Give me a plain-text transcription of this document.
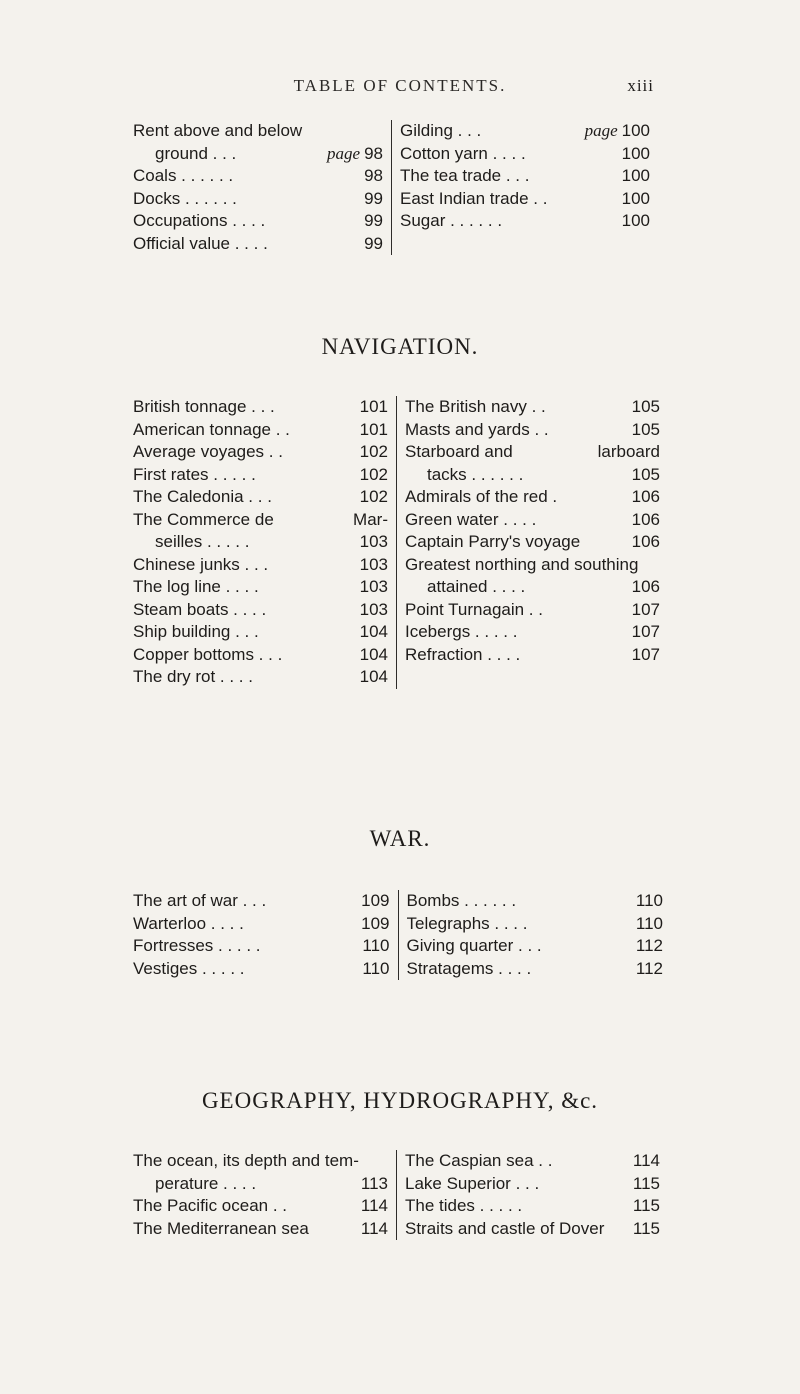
TABLE OF CONTENTS.	xiii
Rent above and below
ground . . .	page 98
Coals . . . . . .	98
Docks . . . . . .	99
Occupations . . . .	99
Official value . . . .	99
Gilding . . .	page 100
Cotton yarn . . . .	100
The tea trade . . .	100
East Indian trade . .	100
Sugar . . . . . .	100
NAVIGATION.
British tonnage . . .	101
American tonnage . .	101
Average voyages . .	102
First rates . . . . .	102
The Caledonia . . .	102
The Commerce de	Mar-
seilles . . . . .	103
Chinese junks . . .	103
The log line . . . .	103
Steam boats . . . .	103
Ship building . . .	104
Copper bottoms . . .	104
The dry rot . . . .	104
The British navy . .	105
Masts and yards . .	105
Starboard and	larboard
tacks . . . . . .	105
Admirals of the red .	106
Green water . . . .	106
Captain Parry's voyage	106
Greatest northing and southing
attained . . . .	106
Point Turnagain . .	107
Icebergs . . . . .	107
Refraction . . . .	107
WAR.
The art of war . . .	109
Warterloo . . . .	109
Fortresses . . . . .	110
Vestiges . . . . .	110
Bombs . . . . . .	110
Telegraphs . . . .	110
Giving quarter . . .	112
Stratagems . . . .	112
GEOGRAPHY, HYDROGRAPHY, &c.
The ocean, its depth and tem-
perature . . . .	113
The Pacific ocean . .	114
The Mediterranean sea	114
The Caspian sea . .	114
Lake Superior . . .	115
The tides . . . . .	115
Straits and castle of Dover	115
